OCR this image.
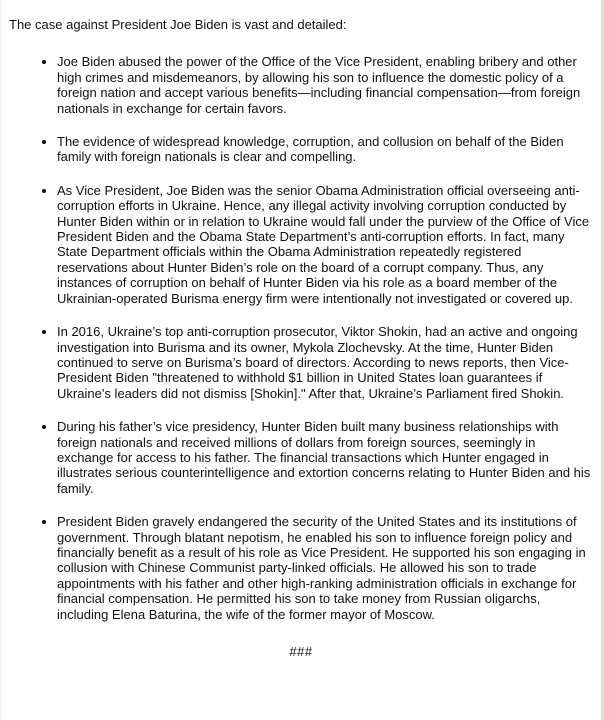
The case against President Joe Biden is vast and detailed:

• Joe Biden abused the power of the Office of the Vice President, enabling bribery and other high crimes and misdemeanors, by allowing his son to influence the domestic policy of a foreign nation and accept various benefits—including financial compensation—from foreign nationals in exchange for certain favors.
• The evidence of widespread knowledge, corruption, and collusion on behalf of the Biden family with foreign nationals is clear and compelling.
• As Vice President, Joe Biden was the senior Obama Administration official overseeing anti-corruption efforts in Ukraine. Hence, any illegal activity involving corruption conducted by Hunter Biden within or in relation to Ukraine would fall under the purview of the Office of Vice President Biden and the Obama State Department’s anti-corruption efforts. In fact, many State Department officials within the Obama Administration repeatedly registered reservations about Hunter Biden’s role on the board of a corrupt company. Thus, any instances of corruption on behalf of Hunter Biden via his role as a board member of the Ukrainian-operated Burisma energy firm were intentionally not investigated or covered up.
• In 2016, Ukraine’s top anti-corruption prosecutor, Viktor Shokin, had an active and ongoing investigation into Burisma and its owner, Mykola Zlochevsky. At the time, Hunter Biden continued to serve on Burisma’s board of directors. According to news reports, then Vice-President Biden "threatened to withhold $1 billion in United States loan guarantees if Ukraine’s leaders did not dismiss [Shokin]." After that, Ukraine’s Parliament fired Shokin.
• During his father’s vice presidency, Hunter Biden built many business relationships with foreign nationals and received millions of dollars from foreign sources, seemingly in exchange for access to his father. The financial transactions which Hunter engaged in illustrates serious counterintelligence and extortion concerns relating to Hunter Biden and his family.
• President Biden gravely endangered the security of the United States and its institutions of government. Through blatant nepotism, he enabled his son to influence foreign policy and financially benefit as a result of his role as Vice President. He supported his son engaging in collusion with Chinese Communist party-linked officials. He allowed his son to trade appointments with his father and other high-ranking administration officials in exchange for financial compensation. He permitted his son to take money from Russian oligarchs, including Elena Baturina, the wife of the former mayor of Moscow.

###
